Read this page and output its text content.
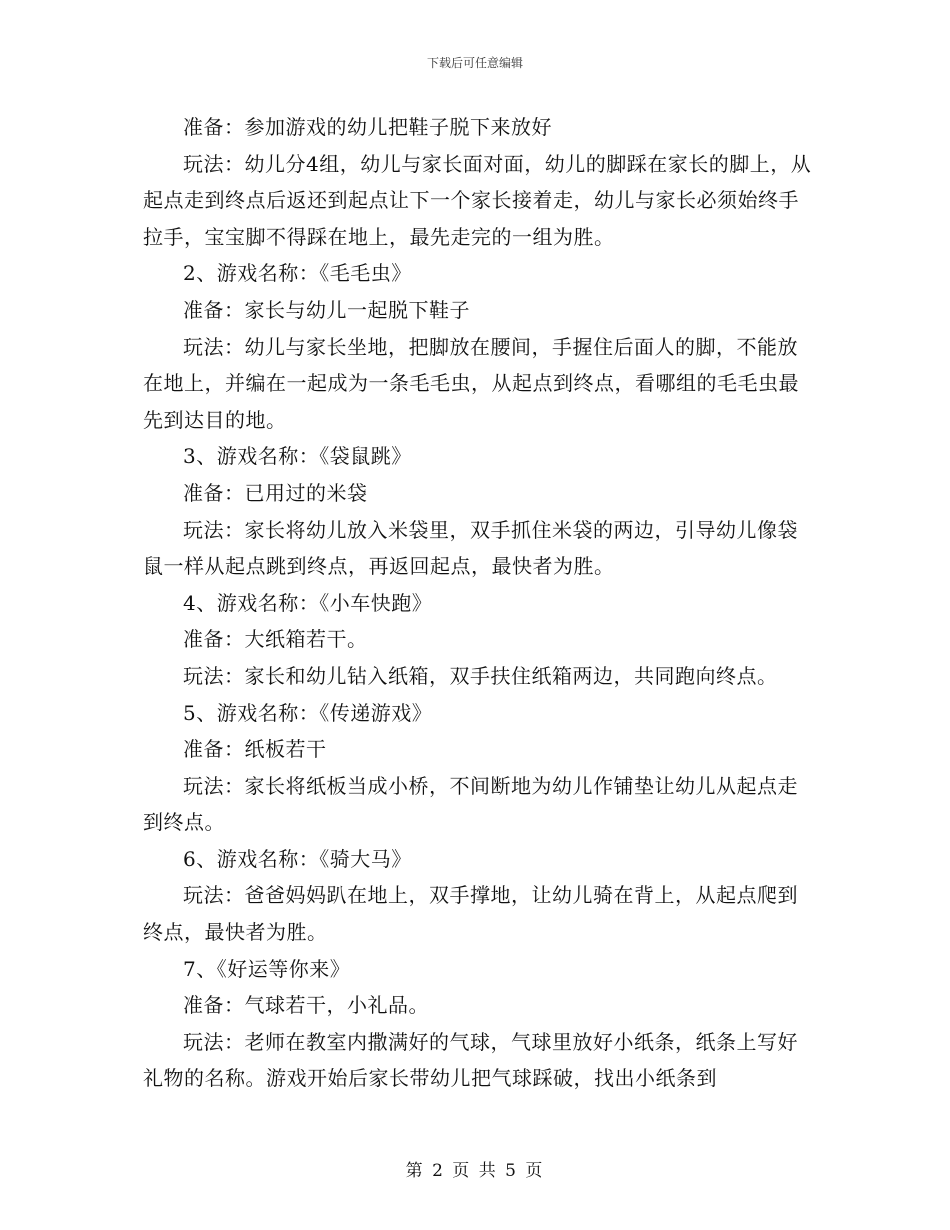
下载后可任意编辑

准备：参加游戏的幼儿把鞋子脱下来放好

玩法：幼儿分4组，幼儿与家长面对面，幼儿的脚踩在家长的脚上，从起点走到终点后返还到起点让下一个家长接着走，幼儿与家长必须始终手拉手，宝宝脚不得踩在地上，最先走完的一组为胜。

2、游戏名称：《毛毛虫》

准备：家长与幼儿一起脱下鞋子

玩法：幼儿与家长坐地，把脚放在腰间，手握住后面人的脚，不能放在地上，并编在一起成为一条毛毛虫，从起点到终点，看哪组的毛毛虫最先到达目的地。

3、游戏名称：《袋鼠跳》

准备：已用过的米袋

玩法：家长将幼儿放入米袋里，双手抓住米袋的两边，引导幼儿像袋鼠一样从起点跳到终点，再返回起点，最快者为胜。

4、游戏名称：《小车快跑》

准备：大纸箱若干。

玩法：家长和幼儿钻入纸箱，双手扶住纸箱两边，共同跑向终点。

5、游戏名称：《传递游戏》

准备：纸板若干

玩法：家长将纸板当成小桥，不间断地为幼儿作铺垫让幼儿从起点走到终点。

6、游戏名称：《骑大马》

玩法：爸爸妈妈趴在地上，双手撑地，让幼儿骑在背上，从起点爬到终点，最快者为胜。

7、《好运等你来》

准备：气球若干，小礼品。

玩法：老师在教室内撒满好的气球，气球里放好小纸条，纸条上写好礼物的名称。游戏开始后家长带幼儿把气球踩破，找出小纸条到

第 2 页 共 5 页
